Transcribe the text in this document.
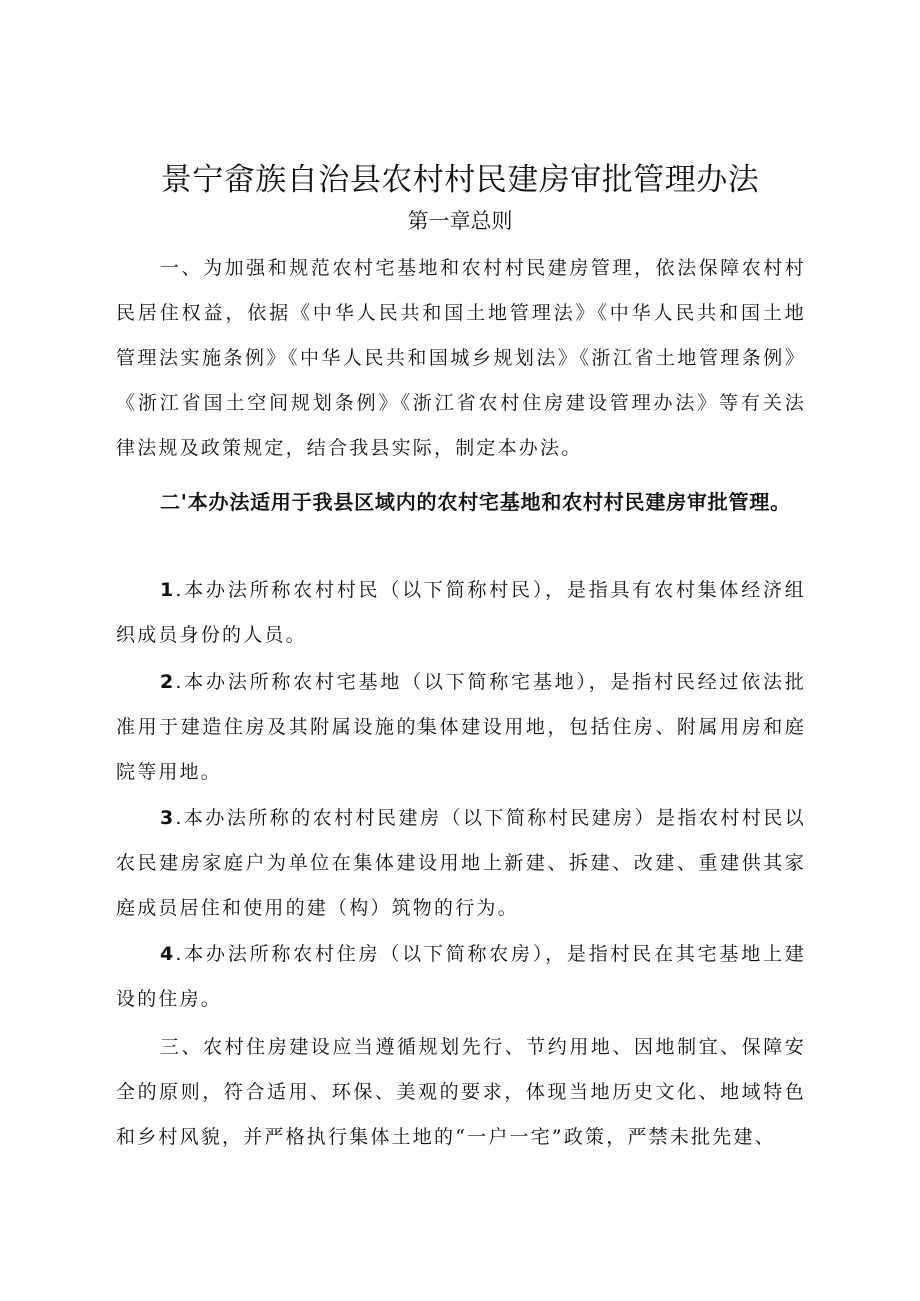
景宁畲族自治县农村村民建房审批管理办法
第一章总则

一、为加强和规范农村宅基地和农村村民建房管理，依法保障农村村民居住权益，依据《中华人民共和国土地管理法》《中华人民共和国土地管理法实施条例》《中华人民共和国城乡规划法》《浙江省土地管理条例》《浙江省国土空间规划条例》《浙江省农村住房建设管理办法》等有关法律法规及政策规定，结合我县实际，制定本办法。

二'本办法适用于我县区域内的农村宅基地和农村村民建房审批管理。

1.本办法所称农村村民（以下简称村民），是指具有农村集体经济组织成员身份的人员。

2.本办法所称农村宅基地（以下简称宅基地），是指村民经过依法批准用于建造住房及其附属设施的集体建设用地，包括住房、附属用房和庭院等用地。

3.本办法所称的农村村民建房（以下简称村民建房）是指农村村民以农民建房家庭户为单位在集体建设用地上新建、拆建、改建、重建供其家庭成员居住和使用的建（构）筑物的行为。

4.本办法所称农村住房（以下简称农房），是指村民在其宅基地上建设的住房。

三、农村住房建设应当遵循规划先行、节约用地、因地制宜、保障安全的原则，符合适用、环保、美观的要求，体现当地历史文化、地域特色和乡村风貌，并严格执行集体土地的“一户一宅”政策，严禁未批先建、
